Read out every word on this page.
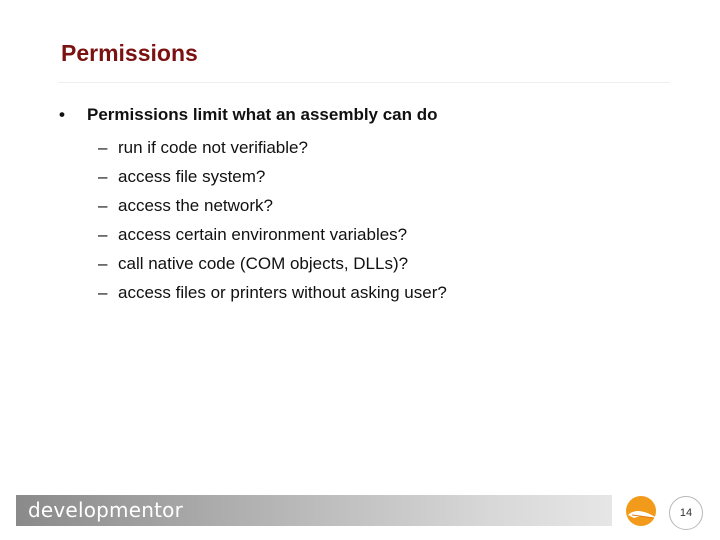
Permissions
• Permissions limit what an assembly can do
– run if code not verifiable?
– access file system?
– access the network?
– access certain environment variables?
– call native code (COM objects, DLLs)?
– access files or printers without asking user?
developmentor	14
